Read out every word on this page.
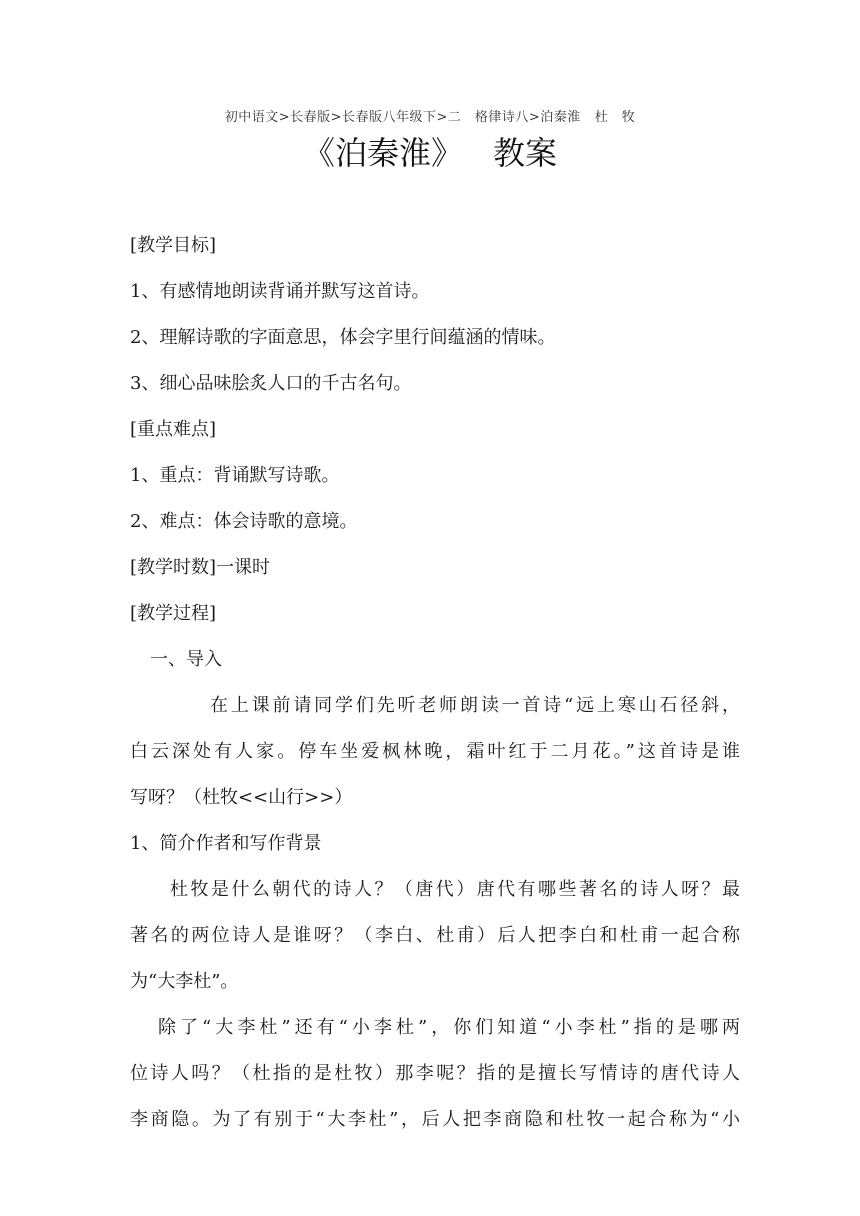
初中语文>长春版>长春版八年级下>二　格律诗八>泊秦淮 杜　牧
《泊秦淮》 教案
[教学目标]
1、有感情地朗读背诵并默写这首诗。
2、理解诗歌的字面意思，体会字里行间蕴涵的情味。
3、细心品味脍炙人口的千古名句。
[重点难点]
1、重点：背诵默写诗歌。
2、难点：体会诗歌的意境。
[教学时数]一课时
[教学过程]
一、导入
在上课前请同学们先听老师朗读一首诗“远上寒山石径斜，
白云深处有人家。停车坐爱枫林晚，霜叶红于二月花。”这首诗是谁
写呀？（杜牧<<山行>>）
1、简介作者和写作背景
杜牧是什么朝代的诗人？（唐代）唐代有哪些著名的诗人呀？最
著名的两位诗人是谁呀？（李白、杜甫）后人把李白和杜甫一起合称
为“大李杜”。
除了“大李杜”还有“小李杜”，你们知道“小李杜”指的是哪两
位诗人吗？（杜指的是杜牧）那李呢？指的是擅长写情诗的唐代诗人
李商隐。为了有别于“大李杜”，后人把李商隐和杜牧一起合称为“小
